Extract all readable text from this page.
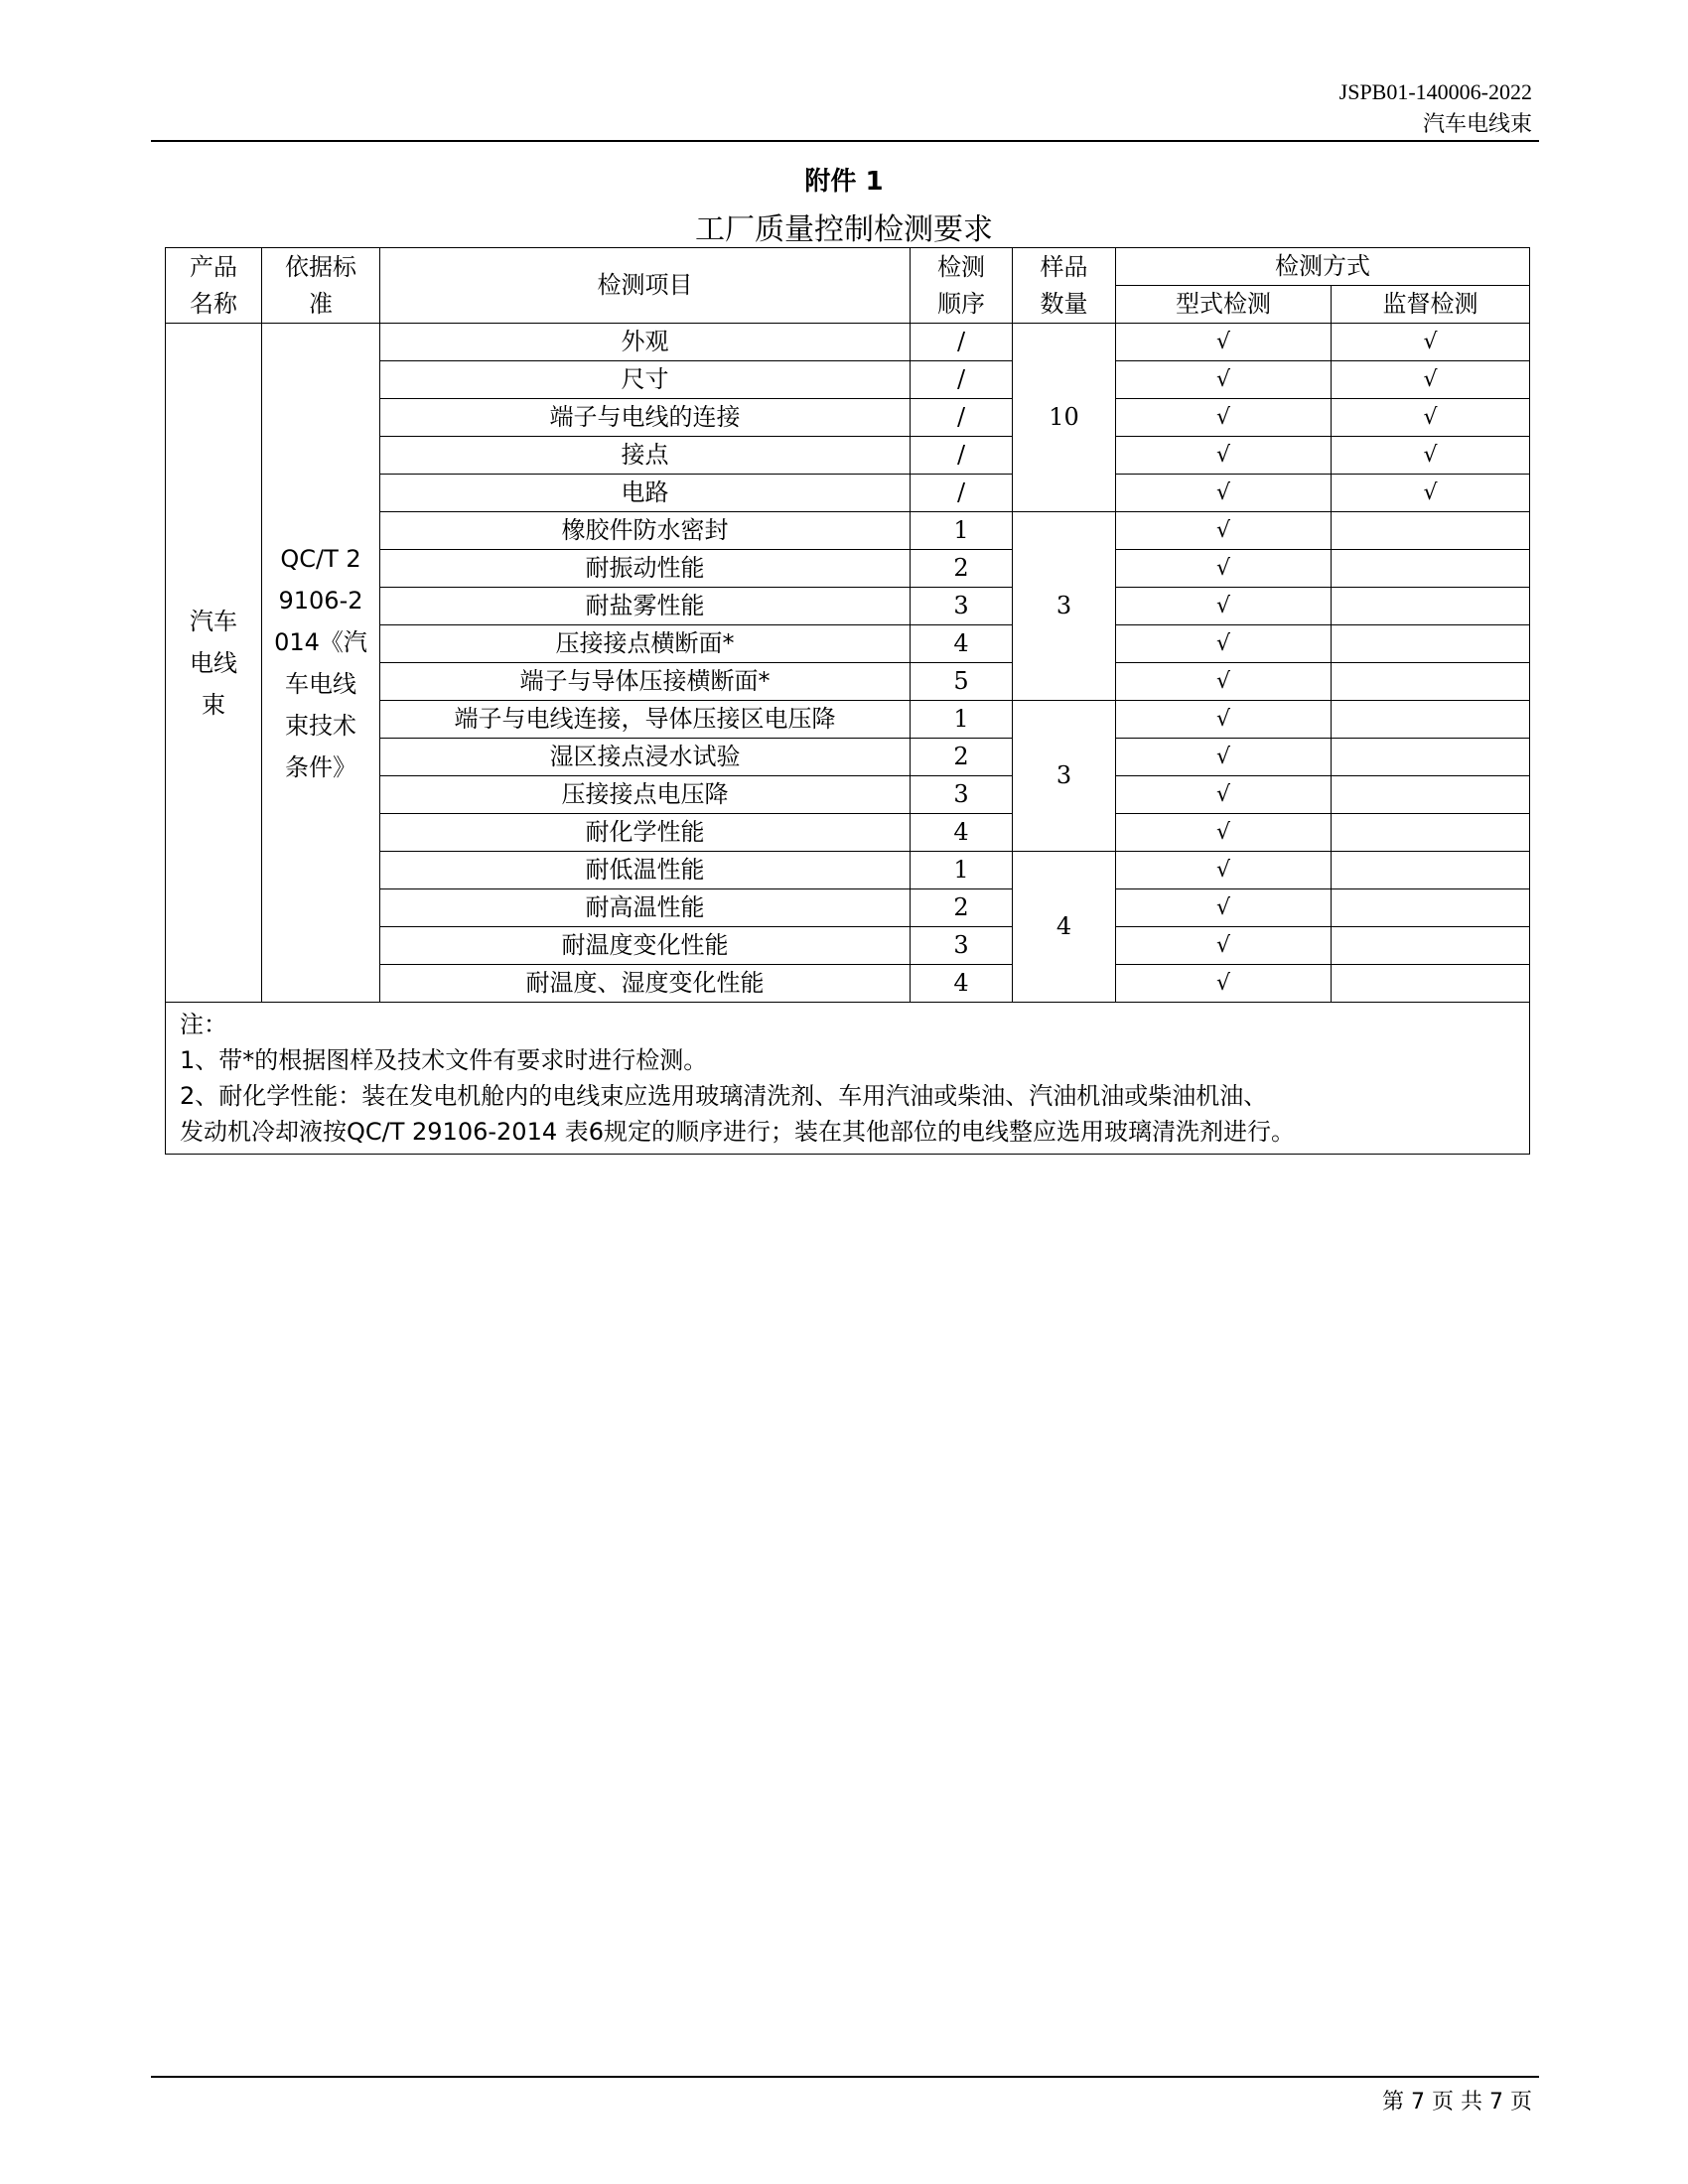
JSPB01-140006-2022
汽车电线束
附件 1
工厂质量控制检测要求
产品名称	依据标准	检测项目	检测顺序	样品数量	检测方式	
					型式检测	监督检测
汽车电线束	QC/T 29106-2014《汽车电线束技术条件》	外观	/	10	√	√
		尺寸	/		√	√
		端子与电线的连接	/		√	√
		接点	/		√	√
		电路	/		√	√
		橡胶件防水密封	1	3	√	
		耐振动性能	2		√	
		耐盐雾性能	3		√	
		压接接点横断面*	4		√	
		端子与导体压接横断面*	5		√	
		端子与电线连接，导体压接区电压降	1	3	√	
		湿区接点浸水试验	2		√	
		压接接点电压降	3		√	
		耐化学性能	4		√	
		耐低温性能	1	4	√	
		耐高温性能	2		√	
		耐温度变化性能	3		√	
		耐温度、湿度变化性能	4		√	

注：
1、带*的根据图样及技术文件有要求时进行检测。
2、耐化学性能：装在发电机舱内的电线束应选用玻璃清洗剂、车用汽油或柴油、汽油机油或柴油机油、
发动机冷却液按QC/T 29106-2014 表6规定的顺序进行；装在其他部位的电线整应选用玻璃清洗剂进行。						
第 7 页 共 7 页
